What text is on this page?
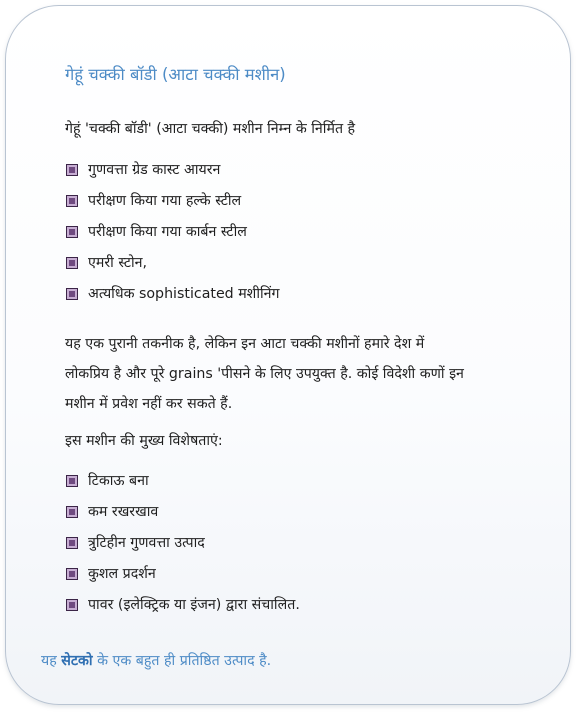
गेहूं चक्की बॉडी (आटा चक्की मशीन)

गेहूं 'चक्की बॉडी' (आटा चक्की) मशीन निम्न के निर्मित है

गुणवत्ता ग्रेड कास्ट आयरन
परीक्षण किया गया हल्के स्टील
परीक्षण किया गया कार्बन स्टील
एमरी स्टोन,
अत्यधिक sophisticated मशीनिंग

यह एक पुरानी तकनीक है, लेकिन इन आटा चक्की मशीनों हमारे देश में
लोकप्रिय है और पूरे grains 'पीसने के लिए उपयुक्त है. कोई विदेशी कणों इन
मशीन में प्रवेश नहीं कर सकते हैं.

इस मशीन की मुख्य विशेषताएं:

टिकाऊ बना
कम रखरखाव
त्रुटिहीन गुणवत्ता उत्पाद
कुशल प्रदर्शन
पावर (इलेक्ट्रिक या इंजन) द्वारा संचालित.

यह सेटको के एक बहुत ही प्रतिष्ठित उत्पाद है.
